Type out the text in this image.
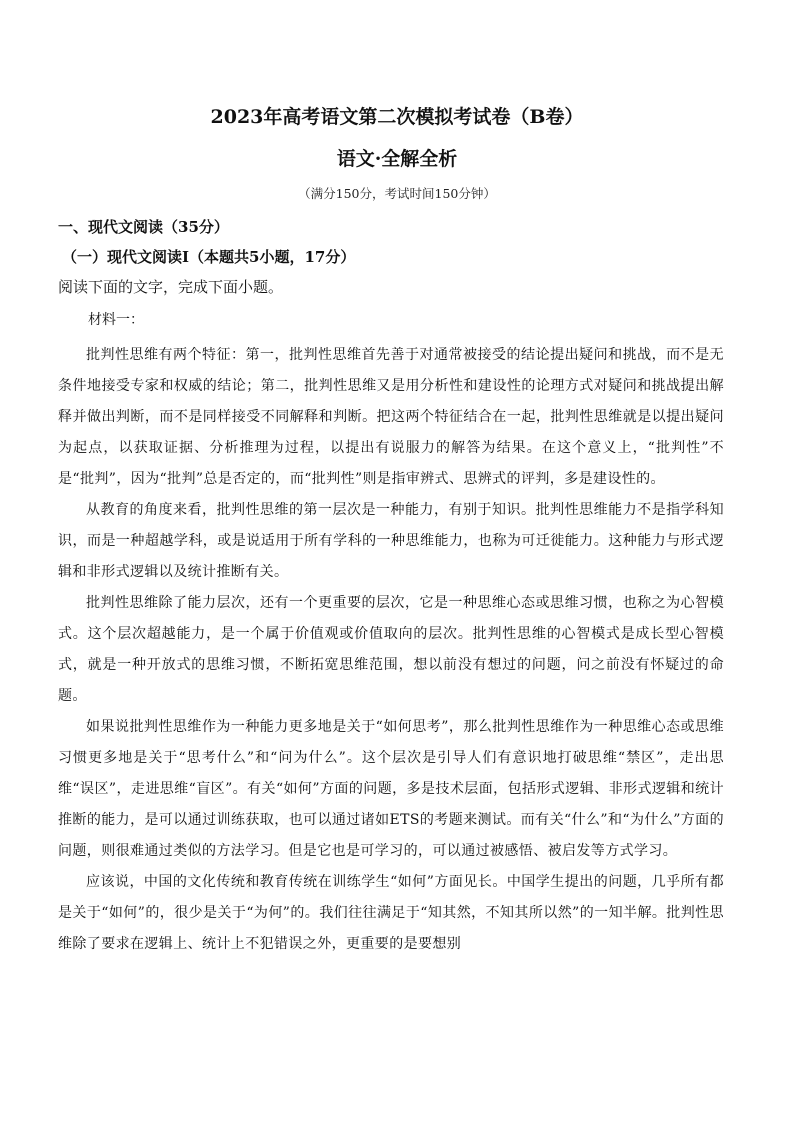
2023年高考语文第二次模拟考试卷（B卷）
语文·全解全析
（满分150分，考试时间150分钟）
一、现代文阅读（35分）
（一）现代文阅读Ⅰ（本题共5小题，17分）
阅读下面的文字，完成下面小题。
材料一：

批判性思维有两个特征：第一，批判性思维首先善于对通常被接受的结论提出疑问和挑战，而不是无条件地接受专家和权威的结论；第二，批判性思维又是用分析性和建设性的论理方式对疑问和挑战提出解释并做出判断，而不是同样接受不同解释和判断。把这两个特征结合在一起，批判性思维就是以提出疑问为起点，以获取证据、分析推理为过程，以提出有说服力的解答为结果。在这个意义上，“批判性”不是“批判”，因为“批判”总是否定的，而“批判性”则是指审辨式、思辨式的评判，多是建设性的。

从教育的角度来看，批判性思维的第一层次是一种能力，有别于知识。批判性思维能力不是指学科知识，而是一种超越学科，或是说适用于所有学科的一种思维能力，也称为可迁徙能力。这种能力与形式逻辑和非形式逻辑以及统计推断有关。

批判性思维除了能力层次，还有一个更重要的层次，它是一种思维心态或思维习惯，也称之为心智模式。这个层次超越能力，是一个属于价值观或价值取向的层次。批判性思维的心智模式是成长型心智模式，就是一种开放式的思维习惯，不断拓宽思维范围，想以前没有想过的问题，问之前没有怀疑过的命题。

如果说批判性思维作为一种能力更多地是关于“如何思考”，那么批判性思维作为一种思维心态或思维习惯更多地是关于“思考什么”和“问为什么”。这个层次是引导人们有意识地打破思维“禁区”，走出思维“误区”，走进思维“盲区”。有关“如何”方面的问题，多是技术层面，包括形式逻辑、非形式逻辑和统计推断的能力，是可以通过训练获取，也可以通过诸如ETS的考题来测试。而有关“什么”和“为什么”方面的问题，则很难通过类似的方法学习。但是它也是可学习的，可以通过被感悟、被启发等方式学习。

应该说，中国的文化传统和教育传统在训练学生“如何”方面见长。中国学生提出的问题，几乎所有都是关于“如何”的，很少是关于“为何”的。我们往往满足于“知其然，不知其所以然”的一知半解。批判性思维除了要求在逻辑上、统计上不犯错误之外，更重要的是要想别
